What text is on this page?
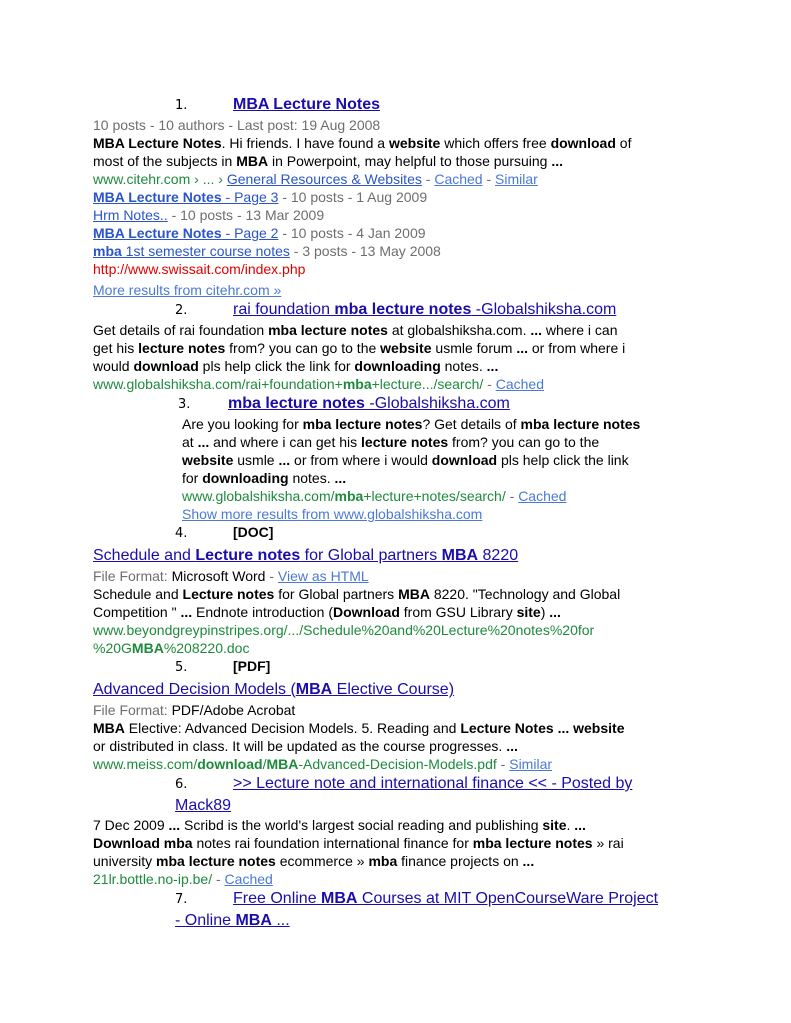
1.	MBA Lecture Notes
10 posts - 10 authors - Last post: 19 Aug 2008
MBA Lecture Notes. Hi friends. I have found a website which offers free download of
most of the subjects in MBA in Powerpoint, may helpful to those pursuing ...
www.citehr.com › ... › General Resources & Websites - Cached - Similar
MBA Lecture Notes - Page 3 - 10 posts - 1 Aug 2009
Hrm Notes.. - 10 posts - 13 Mar 2009
MBA Lecture Notes - Page 2 - 10 posts - 4 Jan 2009
mba 1st semester course notes - 3 posts - 13 May 2008
http://www.swissait.com/index.php
More results from citehr.com »
2.	rai foundation mba lecture notes -Globalshiksha.com
Get details of rai foundation mba lecture notes at globalshiksha.com. ... where i can
get his lecture notes from? you can go to the website usmle forum ... or from where i
would download pls help click the link for downloading notes. ...
www.globalshiksha.com/rai+foundation+mba+lecture.../search/ - Cached
3. mba lecture notes -Globalshiksha.com
Are you looking for mba lecture notes? Get details of mba lecture notes
at ... and where i can get his lecture notes from? you can go to the
website usmle ... or from where i would download pls help click the link
for downloading notes. ...
www.globalshiksha.com/mba+lecture+notes/search/ - Cached
Show more results from www.globalshiksha.com
4.	[DOC]
Schedule and Lecture notes for Global partners MBA 8220
File Format: Microsoft Word - View as HTML
Schedule and Lecture notes for Global partners MBA 8220. "Technology and Global
Competition " ... Endnote introduction (Download from GSU Library site) ...
www.beyondgreypinstripes.org/.../Schedule%20and%20Lecture%20notes%20for
%20GMBA%208220.doc
5.	[PDF]
Advanced Decision Models (MBA Elective Course)
File Format: PDF/Adobe Acrobat
MBA Elective: Advanced Decision Models. 5. Reading and Lecture Notes ... website
or distributed in class. It will be updated as the course progresses. ...
www.meiss.com/download/MBA-Advanced-Decision-Models.pdf - Similar
6.	>> Lecture note and international finance << - Posted by
Mack89
7 Dec 2009 ... Scribd is the world's largest social reading and publishing site. ...
Download mba notes rai foundation international finance for mba lecture notes » rai
university mba lecture notes ecommerce » mba finance projects on ...
21lr.bottle.no-ip.be/ - Cached
7.	Free Online MBA Courses at MIT OpenCourseWare Project
- Online MBA ...
